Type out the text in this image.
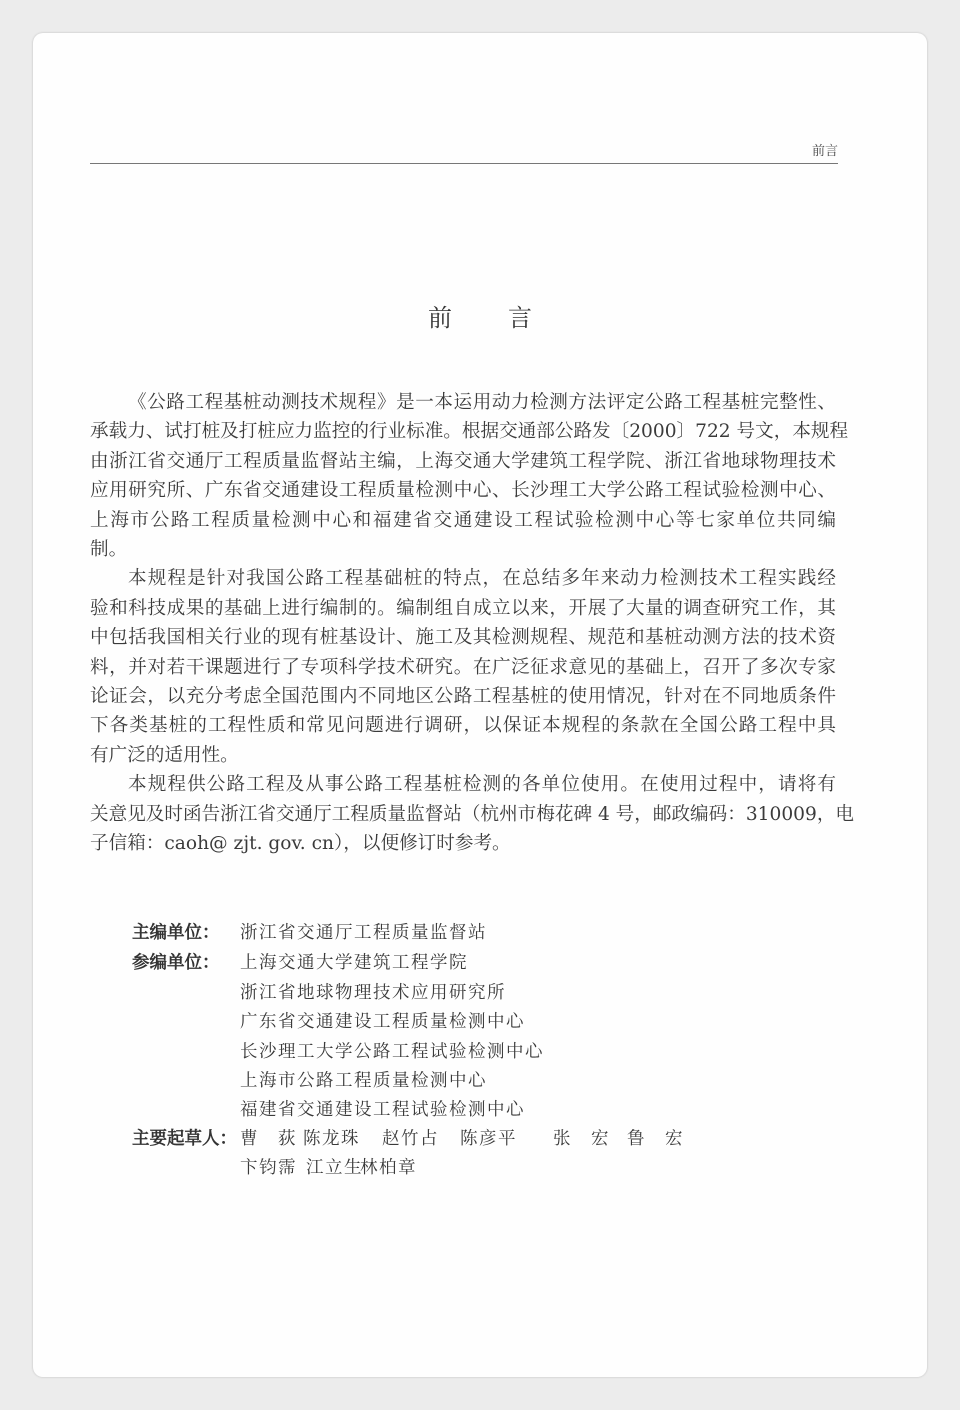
前言
前言
《公路工程基桩动测技术规程》是一本运用动力检测方法评定公路工程基桩完整性、
承载力、试打桩及打桩应力监控的行业标准。根据交通部公路发〔2000〕722 号文，本规程
由浙江省交通厅工程质量监督站主编，上海交通大学建筑工程学院、浙江省地球物理技术
应用研究所、广东省交通建设工程质量检测中心、长沙理工大学公路工程试验检测中心、
上海市公路工程质量检测中心和福建省交通建设工程试验检测中心等七家单位共同编
制。
本规程是针对我国公路工程基础桩的特点，在总结多年来动力检测技术工程实践经
验和科技成果的基础上进行编制的。编制组自成立以来，开展了大量的调查研究工作，其
中包括我国相关行业的现有桩基设计、施工及其检测规程、规范和基桩动测方法的技术资
料，并对若干课题进行了专项科学技术研究。在广泛征求意见的基础上，召开了多次专家
论证会，以充分考虑全国范围内不同地区公路工程基桩的使用情况，针对在不同地质条件
下各类基桩的工程性质和常见问题进行调研，以保证本规程的条款在全国公路工程中具
有广泛的适用性。
本规程供公路工程及从事公路工程基桩检测的各单位使用。在使用过程中，请将有
关意见及时函告浙江省交通厅工程质量监督站（杭州市梅花碑 4 号，邮政编码：310009，电
子信箱：caoh@ zjt. gov. cn），以便修订时参考。
主编单位： 浙江省交通厅工程质量监督站
参编单位： 上海交通大学建筑工程学院
浙江省地球物理技术应用研究所
广东省交通建设工程质量检测中心
长沙理工大学公路工程试验检测中心
上海市公路工程质量检测中心
福建省交通建设工程试验检测中心
主要起草人： 曹　荻 陈龙珠 赵竹占 陈彦平 张　宏 鲁　宏
卞钧霈 江立生
林柏章
